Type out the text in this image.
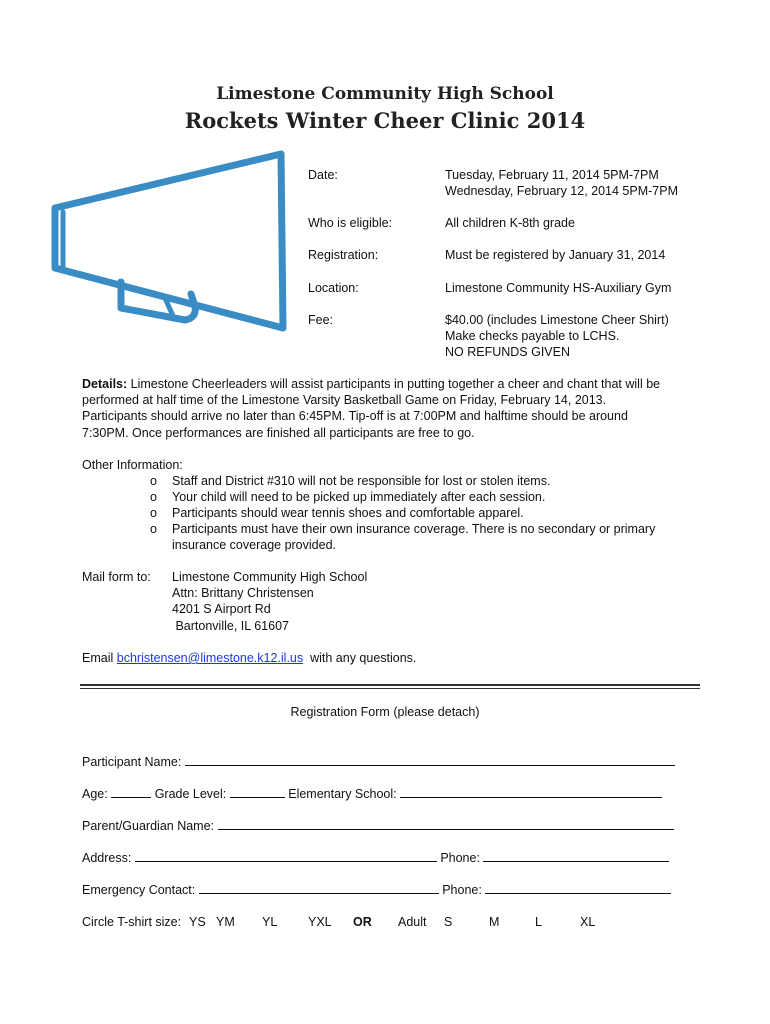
Limestone Community High School
Rockets Winter Cheer Clinic 2014
Date:	Tuesday, February 11, 2014 5PM-7PM
Wednesday, February 12, 2014 5PM-7PM
Who is eligible:	All children K-8th grade
Registration:	Must be registered by January 31, 2014
Location:	Limestone Community HS-Auxiliary Gym
Fee:	$40.00 (includes Limestone Cheer Shirt)
Make checks payable to LCHS.
NO REFUNDS GIVEN
Details: Limestone Cheerleaders will assist participants in putting together a cheer and chant that will be
performed at half time of the Limestone Varsity Basketball Game on Friday, February 14, 2013.
Participants should arrive no later than 6:45PM. Tip-off is at 7:00PM and halftime should be around
7:30PM. Once performances are finished all participants are free to go.
Other Information:
o Staff and District #310 will not be responsible for lost or stolen items.
o Your child will need to be picked up immediately after each session.
o Participants should wear tennis shoes and comfortable apparel.
o Participants must have their own insurance coverage. There is no secondary or primary
insurance coverage provided.
Mail form to: Limestone Community High School
Attn: Brittany Christensen
4201 S Airport Rd
Bartonville, IL 61607
Email bchristensen@limestone.k12.il.us with any questions.
Registration Form (please detach)
Participant Name:
Age:	Grade Level:	Elementary School:
Parent/Guardian Name:
Address:	Phone:
Emergency Contact:	Phone:
Circle T-shirt size: YS YM YL YXL OR Adult S	M	L	XL
